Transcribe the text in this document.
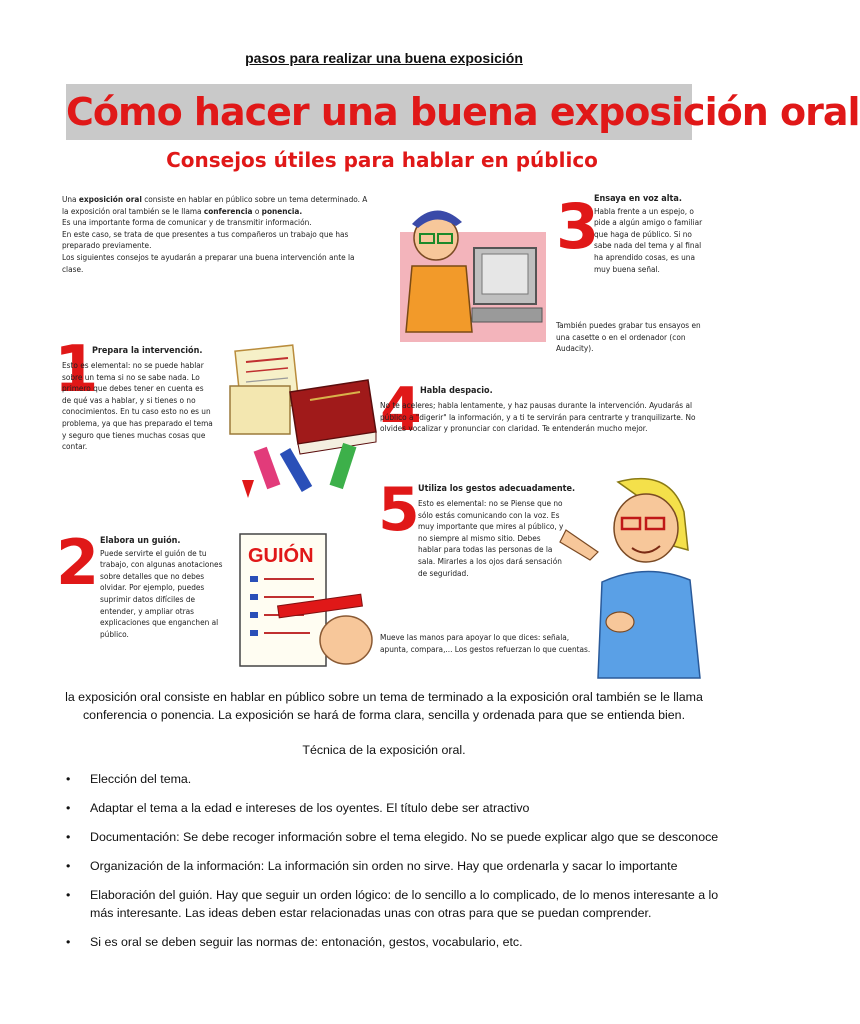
pasos para realizar una buena exposición
Cómo hacer una buena exposición oral
Consejos útiles para hablar en público
Una exposición oral consiste en hablar en público sobre un tema determinado. A la exposición oral también se le llama conferencia o ponencia.
Es una importante forma de comunicar y de transmitir información.
En este caso, se trata de que presentes a tus compañeros un trabajo que has preparado previamente.
Los siguientes consejos te ayudarán a preparar una buena intervención ante la clase.
1
Prepara la intervención.
Esto es elemental: no se puede hablar sobre un tema si no se sabe nada. Lo primero que debes tener en cuenta es de qué vas a hablar, y si tienes o no conocimientos. En tu caso esto no es un problema, ya que has preparado el tema y seguro que tienes muchas cosas que contar.
2 Elabora un guión.
Puede servirte el guión de tu trabajo, con algunas anotaciones sobre detalles que no debes olvidar. Por ejemplo, puedes suprimir datos difíciles de entender, y ampliar otras explicaciones que enganchen al público.
GUIÓN
3
Ensaya en voz alta.
Habla frente a un espejo, o pide a algún amigo o familiar que haga de público. Si no sabe nada del tema y al final ha aprendido cosas, es una muy buena señal.
También puedes grabar tus ensayos en una casette o en el ordenador (con Audacity).
4
Habla despacio.
No te aceleres; habla lentamente, y haz pausas durante la intervención. Ayudarás al público a "digerir" la información, y a ti te servirán para centrarte y tranquilizarte. No olvides vocalizar y pronunciar con claridad. Te entenderán mucho mejor.
5
Utiliza los gestos adecuadamente.
Esto es elemental: no se Piense que no sólo estás comunicando con la voz. Es muy importante que mires al público, y no siempre al mismo sitio. Debes hablar para todas las personas de la sala. Mirarles a los ojos dará sensación de seguridad.
Mueve las manos para apoyar lo que dices: señala, apunta, compara,... Los gestos refuerzan lo que cuentas.
la exposición oral consiste en hablar en público sobre un tema de terminado a la exposición oral también se le llama conferencia o ponencia. La exposición se hará de forma clara, sencilla y ordenada para que se entienda bien.
Técnica de la exposición oral.
• Elección del tema.
• Adaptar el tema a la edad e intereses de los oyentes. El título debe ser atractivo
• Documentación: Se debe recoger información sobre el tema elegido. No se puede explicar algo que se desconoce
• Organización de la información: La información sin orden no sirve. Hay que ordenarla y sacar lo importante
• Elaboración del guión. Hay que seguir un orden lógico: de lo sencillo a lo complicado, de lo menos interesante a lo más interesante. Las ideas deben estar relacionadas unas con otras para que se puedan comprender.
• Si es oral se deben seguir las normas de: entonación, gestos, vocabulario, etc.
